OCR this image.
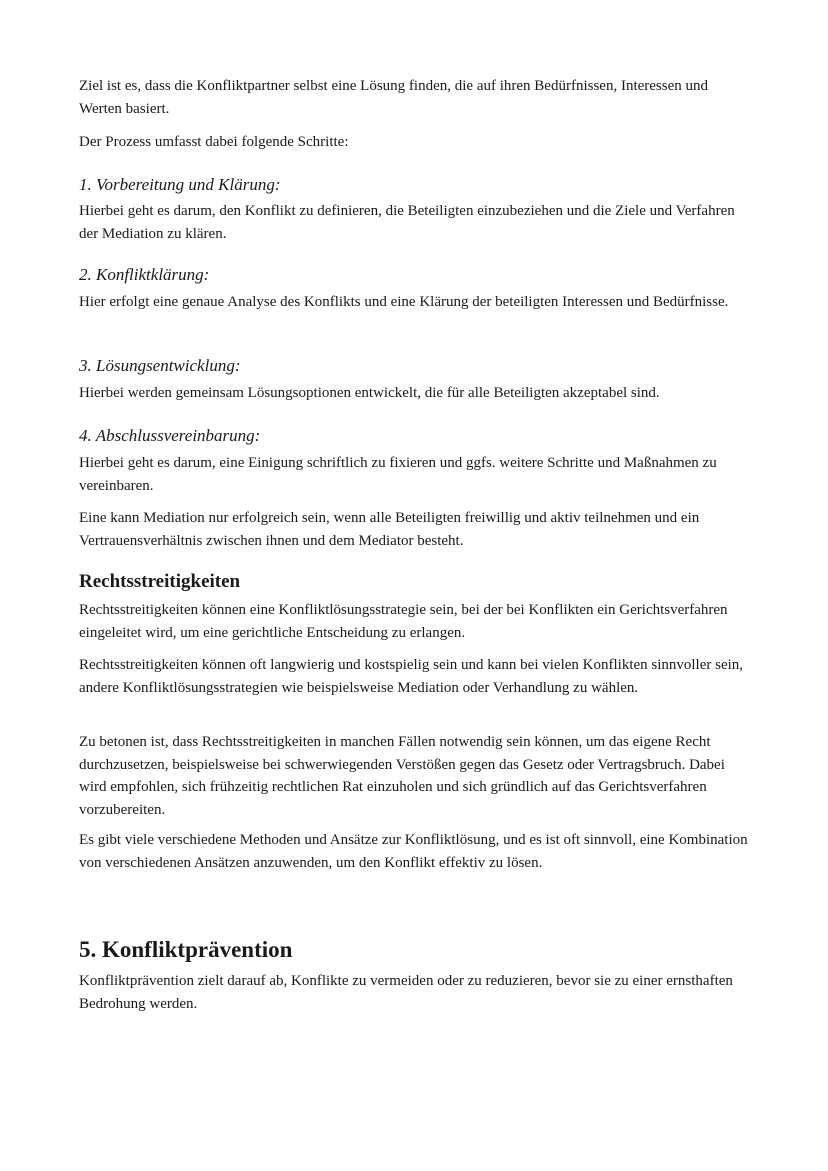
Ziel ist es, dass die Konfliktpartner selbst eine Lösung finden, die auf ihren Bedürfnissen, Interessen und Werten basiert.

Der Prozess umfasst dabei folgende Schritte:

1. Vorbereitung und Klärung:

Hierbei geht es darum, den Konflikt zu definieren, die Beteiligten einzubeziehen und die Ziele und Verfahren der Mediation zu klären.

2. Konfliktklärung:

Hier erfolgt eine genaue Analyse des Konflikts und eine Klärung der beteiligten Interessen und Bedürfnisse.

3. Lösungsentwicklung:

Hierbei werden gemeinsam Lösungsoptionen entwickelt, die für alle Beteiligten akzeptabel sind.

4. Abschlussvereinbarung:

Hierbei geht es darum, eine Einigung schriftlich zu fixieren und ggfs. weitere Schritte und Maßnahmen zu vereinbaren.

Eine kann Mediation nur erfolgreich sein, wenn alle Beteiligten freiwillig und aktiv teilnehmen und ein Vertrauensverhältnis zwischen ihnen und dem Mediator besteht.

Rechtsstreitigkeiten

Rechtsstreitigkeiten können eine Konfliktlösungsstrategie sein, bei der bei Konflikten ein Gerichtsverfahren eingeleitet wird, um eine gerichtliche Entscheidung zu erlangen.

Rechtsstreitigkeiten können oft langwierig und kostspielig sein und kann bei vielen Konflikten sinnvoller sein, andere Konfliktlösungsstrategien wie beispielsweise Mediation oder Verhandlung zu wählen.

Zu betonen ist, dass Rechtsstreitigkeiten in manchen Fällen notwendig sein können, um das eigene Recht durchzusetzen, beispielsweise bei schwerwiegenden Verstößen gegen das Gesetz oder Vertragsbruch. Dabei wird empfohlen, sich frühzeitig rechtlichen Rat einzuholen und sich gründlich auf das Gerichtsverfahren vorzubereiten.

Es gibt viele verschiedene Methoden und Ansätze zur Konfliktlösung, und es ist oft sinnvoll, eine Kombination von verschiedenen Ansätzen anzuwenden, um den Konflikt effektiv zu lösen.

5. Konfliktprävention

Konfliktprävention zielt darauf ab, Konflikte zu vermeiden oder zu reduzieren, bevor sie zu einer ernsthaften Bedrohung werden.
